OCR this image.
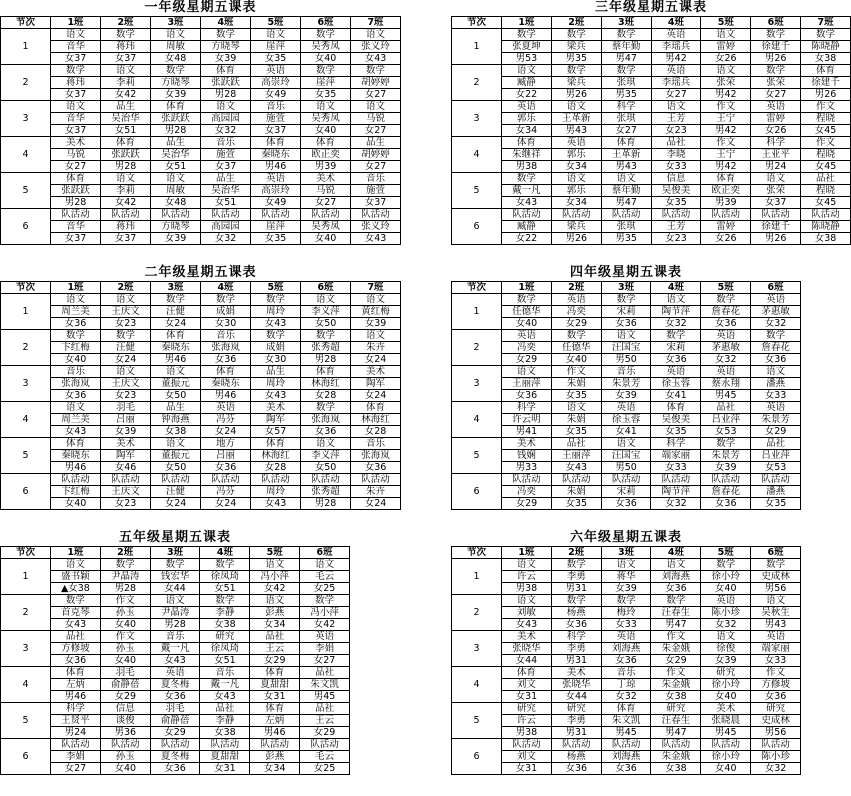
一年级星期五课表
节次	1班	2班	3班	4班	5班	6班	7班
1	语文	数学	语文	数学	语文	数学	语文
	音华	蒋玮	周敏	方晓琴	崖萍	吴秀凤	张义玲
	女37	女37	女48	女39	女35	女40	女43
2	数学	语文	数学	体育	英语	数学	数学
	蒋玮	李莉	方晓琴	张跃跃	高崇玲	崖萍	胡婷婷
	女37	女42	女39	男28	女49	女35	女27
3	语文	品生	体育	语文	音乐	语文	语文
	音华	吴治华	张跃跃	高园园	施萱	吴秀凤	马锐
	女37	女51	男28	女32	女37	女40	女27
4	美术	体育	品生	音乐	体育	体育	品生
	马锐	张跃跃	吴治华	施萱	秦晓东	欧正奕	胡婷婷
	女27	男28	女51	女37	男46	男39	女27
5	体育	语文	语文	品生	英语	美术	音乐
	张跃跃	李莉	周敏	吴治华	高崇玲	马锐	施萱
	男28	女42	女48	女51	女49	女27	女37
6	队活动	队活动	队活动	队活动	队活动	队活动	队活动
	音华	蒋玮	方晓琴	高园园	崖萍	吴秀凤	张义玲
	女37	女37	女39	女32	女35	女40	女43
三年级星期五课表
节次	1班	2班	3班	4班	5班	6班	7班
1	数学	数学	数学	英语	语文	数学	数学
	张夏坤	梁兵	蔡年勤	李瑶兵	雷婷	徐建千	陈晓静
	男53	男35	男47	男42	女26	男26	女38
2	语文	数学	数学	英语	语文	数学	体育
	臧静	梁兵	张琪	李瑶兵	张荣	张荣	徐建千
	女22	男26	男35	女27	男42	女27	男26
3	英语	语文	科学	语文	作文	英语	作文
	郭乐	王革新	张琪	王芳	王宁	雷婷	程晓
	女34	男43	女27	女23	男42	女26	女45
4	体育	英语	体育	品社	作文	科学	作文
	朱继祥	郭乐	王革新	李晓	王宁	王亚平	程晓
	男38	女34	男43	女33	男42	男24	女45
5	数学	语文	语文	信息	体育	语文	品社
	戴一凡	郭乐	蔡年勤	吴俊美	欧正奕	张荣	程晓
	女43	女34	男47	女35	男39	女37	女45
6	队活动	队活动	队活动	队活动	队活动	队活动	队活动
	臧静	梁兵	张琪	王芳	雷婷	徐建千	陈晓静
	女22	男26	男35	女23	女26	男26	女38
二年级星期五课表
节次	1班	2班	3班	4班	5班	6班	7班
1	语文	语文	数学	数学	数学	语文	语文
	周兰美	王庆文	汪健	成娟	周玲	李义萍	黄红梅
	女36	女23	女24	女30	女43	女50	女39
2	数学	数学	体育	音乐	数学	数学	语文
	卞红梅	汪健	秦晓东	张海岚	成娟	张秀超	朱卉
	女40	女24	男46	女36	女30	男28	女24
3	音乐	语文	语文	体育	品生	体育	美术
	张海岚	王庆文	董振元	秦晓东	周玲	林海红	陶军
	女36	女23	女50	男46	女43	女28	女24
4	语文	羽毛	品生	英语	美术	数学	体育
	周兰美	吕丽	钟海燕	冯芬	陶军	张海岚	林海红
	女43	女39	女38	女24	女57	女36	女28
5	体育	美术	语文	地方	体育	语文	音乐
	秦晓东	陶军	董振元	吕丽	林海红	李义萍	张海岚
	男46	女46	女50	女36	女28	女50	女36
6	队活动	队活动	队活动	队活动	队活动	队活动	队活动
	卞红梅	王庆文	汪健	冯芬	周玲	张秀超	朱卉
	女40	女23	女24	女24	女43	男28	女24
四年级星期五课表
节次	1班	2班	3班	4班	5班	6班
1	数学	英语	数学	语文	数学	英语
	任德华	冯奕	宋莉	陶节萍	詹春花	茅惠敏
	女40	女29	女36	女32	女36	女32
2	英语	数学	语文	数学	英语	数学
	冯奕	任德华	汪国宝	宋莉	茅惠敏	詹春花
	女29	女40	男50	女36	女32	女36
3	语文	作文	音乐	英语	英语	语文
	王丽萍	朱娟	朱景芳	徐玉蓉	蔡永翔	潘燕
	女36	女35	女39	女41	男45	女33
4	科学	语文	英语	体育	品社	英语
	许云明	朱娟	徐玉蓉	吴俊美	吕业萍	朱景芳
	男41	女35	女41	女35	女53	女29
5	美术	品社	语文	科学	数学	品社
	钱娴	王丽萍	汪国宝	端家丽	朱景芳	吕业萍
	男33	女43	男50	女33	女39	女53
6	队活动	队活动	队活动	队活动	队活动	队活动
	冯奕	朱娟	宋莉	陶节萍	詹春花	潘燕
	女29	女35	女36	女32	女36	女35
五年级星期五课表
节次	1班	2班	3班	4班	5班	6班
1	语文	数学	数学	数学	语文	语文
	盛书颖	尹晶涛	钱宏华	徐凤琦	冯小萍	毛云
	▲女38	男28	女44	女51	女42	女25
2	数学	作文	语文	数学	语文	数学
	首克琴	孙玉	尹晶涛	李静	彭燕	冯小萍
	女43	女40	男28	女38	女34	女42
3	品社	作文	音乐	研究	品社	英语
	方修坡	孙玉	戴一凡	徐凤琦	王云	李娟
	女36	女40	女43	女51	女29	女27
4	体育	羽毛	英语	音乐	体育	品社
	左炳	俞静蓓	夏冬梅	戴一凡	夏甜甜	朱文凯
	男46	女29	女36	女43	女31	男45
5	科学	信息	羽毛	品社	体育	品社
	王贤平	谈俊	俞静蓓	李静	左炳	王云
	男24	男36	女29	女38	男46	女29
6	队活动	队活动	队活动	队活动	队活动	队活动
	李娟	孙玉	夏冬梅	夏甜甜	彭燕	毛云
	女27	女40	女36	女31	女34	女25
六年级星期五课表
节次	1班	2班	3班	4班	5班	6班
1	语文	数学	语文	语文	数学	数学
	许云	李勇	蒋华	刘海燕	徐小玲	史成林
	男38	男31	女39	女36	女40	男56
2	语文	数学	数学	数学	英语	语文
	刘敏	杨燕	梅玲	汪春生	陈小珍	吴秋生
	女43	女36	女33	男47	女32	男43
3	美术	科学	英语	作文	语文	英语
	张晓华	李勇	刘海燕	朱金娥	徐俊	端家丽
	女44	男31	女36	女29	女39	女33
4	体育	美术	音乐	作文	研究	作文
	刘文	张晓华	丁琼	朱金娥	徐小玲	方修坡
	女31	女44	女32	女38	女40	女36
5	研究	研究	体育	研究	美术	研究
	许云	李勇	朱文凯	汪春生	张晓晨	史成林
	男38	男31	男45	男47	男45	男56
6	队活动	队活动	队活动	队活动	队活动	队活动
	刘文	杨燕	刘海燕	朱金娥	徐小玲	陈小珍
	女31	女36	女36	女38	女40	女32
